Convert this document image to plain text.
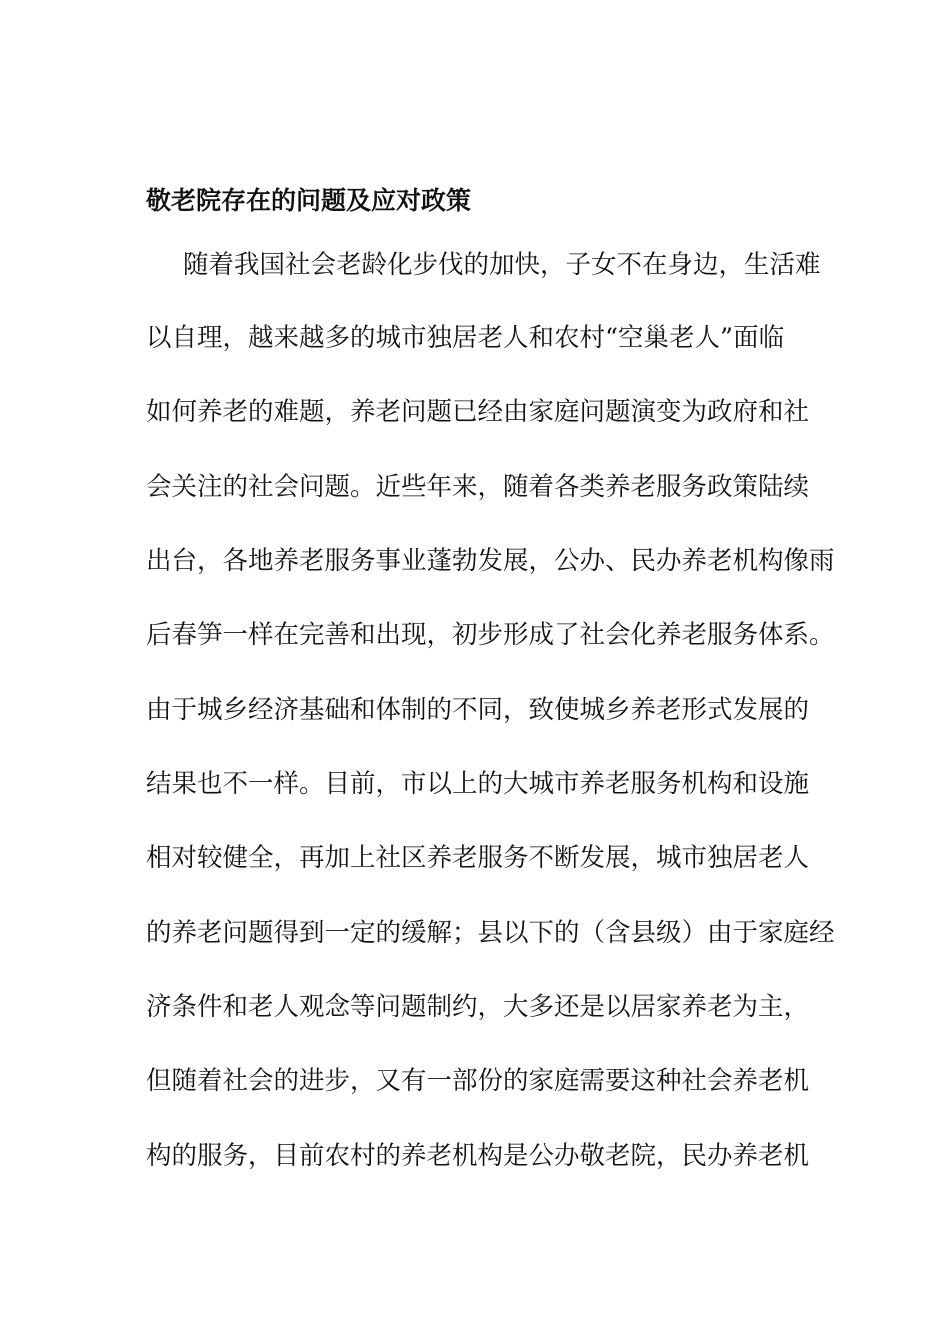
敬老院存在的问题及应对政策
随着我国社会老龄化步伐的加快，子女不在身边，生活难
以自理，越来越多的城市独居老人和农村“空巢老人”面临
如何养老的难题，养老问题已经由家庭问题演变为政府和社
会关注的社会问题。近些年来，随着各类养老服务政策陆续
出台，各地养老服务事业蓬勃发展，公办、民办养老机构像雨
后春笋一样在完善和出现，初步形成了社会化养老服务体系。
由于城乡经济基础和体制的不同，致使城乡养老形式发展的
结果也不一样。目前，市以上的大城市养老服务机构和设施
相对较健全，再加上社区养老服务不断发展，城市独居老人
的养老问题得到一定的缓解；县以下的（含县级）由于家庭经
济条件和老人观念等问题制约，大多还是以居家养老为主，
但随着社会的进步，又有一部份的家庭需要这种社会养老机
构的服务，目前农村的养老机构是公办敬老院，民办养老机
